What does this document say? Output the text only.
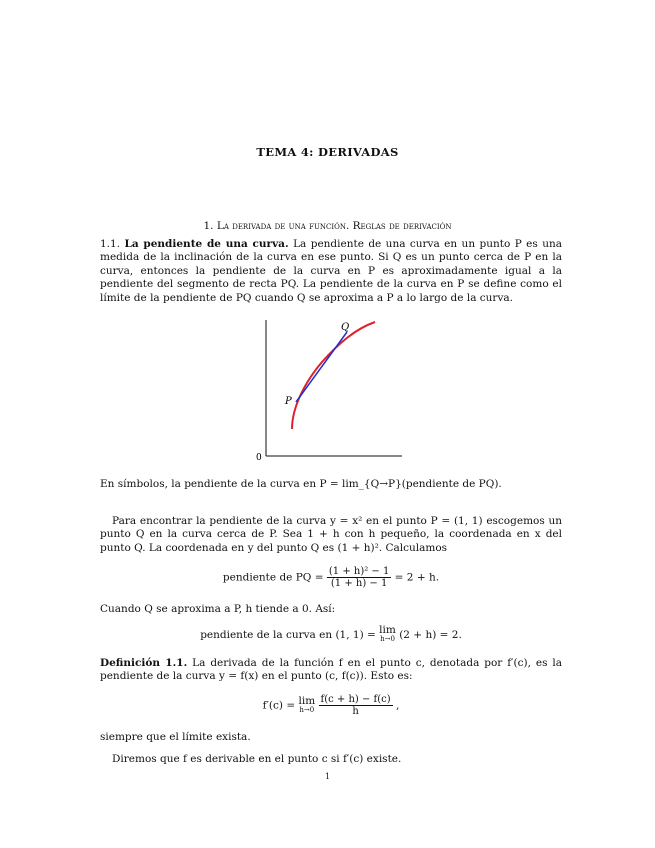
TEMA 4: DERIVADAS
1. La derivada de una función. Reglas de derivación
1.1. La pendiente de una curva. La pendiente de una curva en un punto P es una medida de la inclinación de la curva en ese punto. Si Q es un punto cerca de P en la curva, entonces la pendiente de la curva en P es aproximadamente igual a la pendiente del segmento de recta PQ. La pendiente de la curva en P se define como el límite de la pendiente de PQ cuando Q se aproxima a P a lo largo de la curva.
P
Q
0
En símbolos, la pendiente de la curva en P = lim_{Q→P}(pendiente de PQ).
Para encontrar la pendiente de la curva y = x² en el punto P = (1, 1) escogemos un punto Q en la curva cerca de P. Sea 1 + h con h pequeño, la coordenada en x del punto Q. La coordenada en y del punto Q es (1 + h)². Calculamos
pendiente de PQ = $\frac{\text{(1 + h)² − 1}}{(1 + h) - 1} = 2 + h$.
Cuando Q se aproxima a P, h tiende a 0. Así:
pendiente de la curva en (1, 1) = lim
h→0 (2 + h) = 2.
Definición 1.1. La derivada de la función f en el punto c, denotada por f′(c), es la pendiente de la curva y = f(x) en el punto (c, f(c)). Esto es:
f′(c) = lim
h→0
$\frac{f(c + h) - f(c)}{h}$ ,
siempre que el límite exista.
Diremos que f es derivable en el punto c si f′(c) existe.
1
